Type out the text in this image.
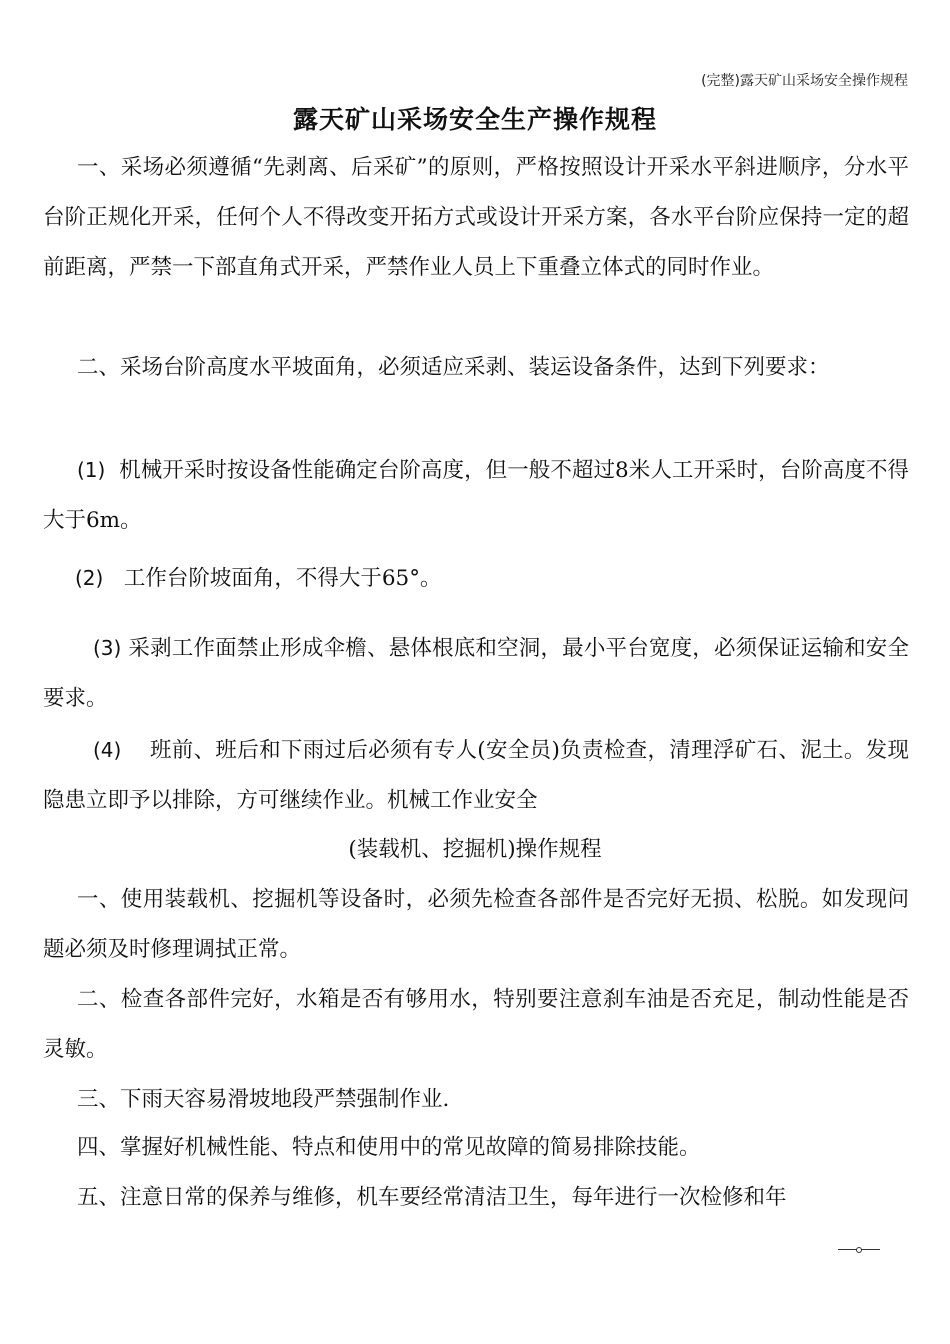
(完整)露天矿山采场安全操作规程
露天矿山采场安全生产操作规程

一、采场必须遵循“先剥离、后采矿”的原则，严格按照设计开采水平斜进顺序，分水平台阶正规化开采，任何个人不得改变开拓方式或设计开采方案，各水平台阶应保持一定的超前距离，严禁一下部直角式开采，严禁作业人员上下重叠立体式的同时作业。

二、采场台阶高度水平坡面角，必须适应采剥、装运设备条件，达到下列要求：

(1) 机械开采时按设备性能确定台阶高度，但一般不超过8米人工开采时，台阶高度不得大于6m。

(2) 工作台阶坡面角，不得大于65°。

(3) 采剥工作面禁止形成伞檐、悬体根底和空洞，最小平台宽度，必须保证运输和安全要求。

(4) 班前、班后和下雨过后必须有专人(安全员)负责检查，清理浮矿石、泥土。发现隐患立即予以排除，方可继续作业。机械工作业安全

(装载机、挖掘机)操作规程

一、使用装载机、挖掘机等设备时，必须先检查各部件是否完好无损、松脱。如发现问题必须及时修理调拭正常。

二、检查各部件完好，水箱是否有够用水，特别要注意刹车油是否充足，制动性能是否灵敏。

三、下雨天容易滑坡地段严禁强制作业.

四、掌握好机械性能、特点和使用中的常见故障的简易排除技能。

五、注意日常的保养与维修，机车要经常清洁卫生，每年进行一次检修和年
